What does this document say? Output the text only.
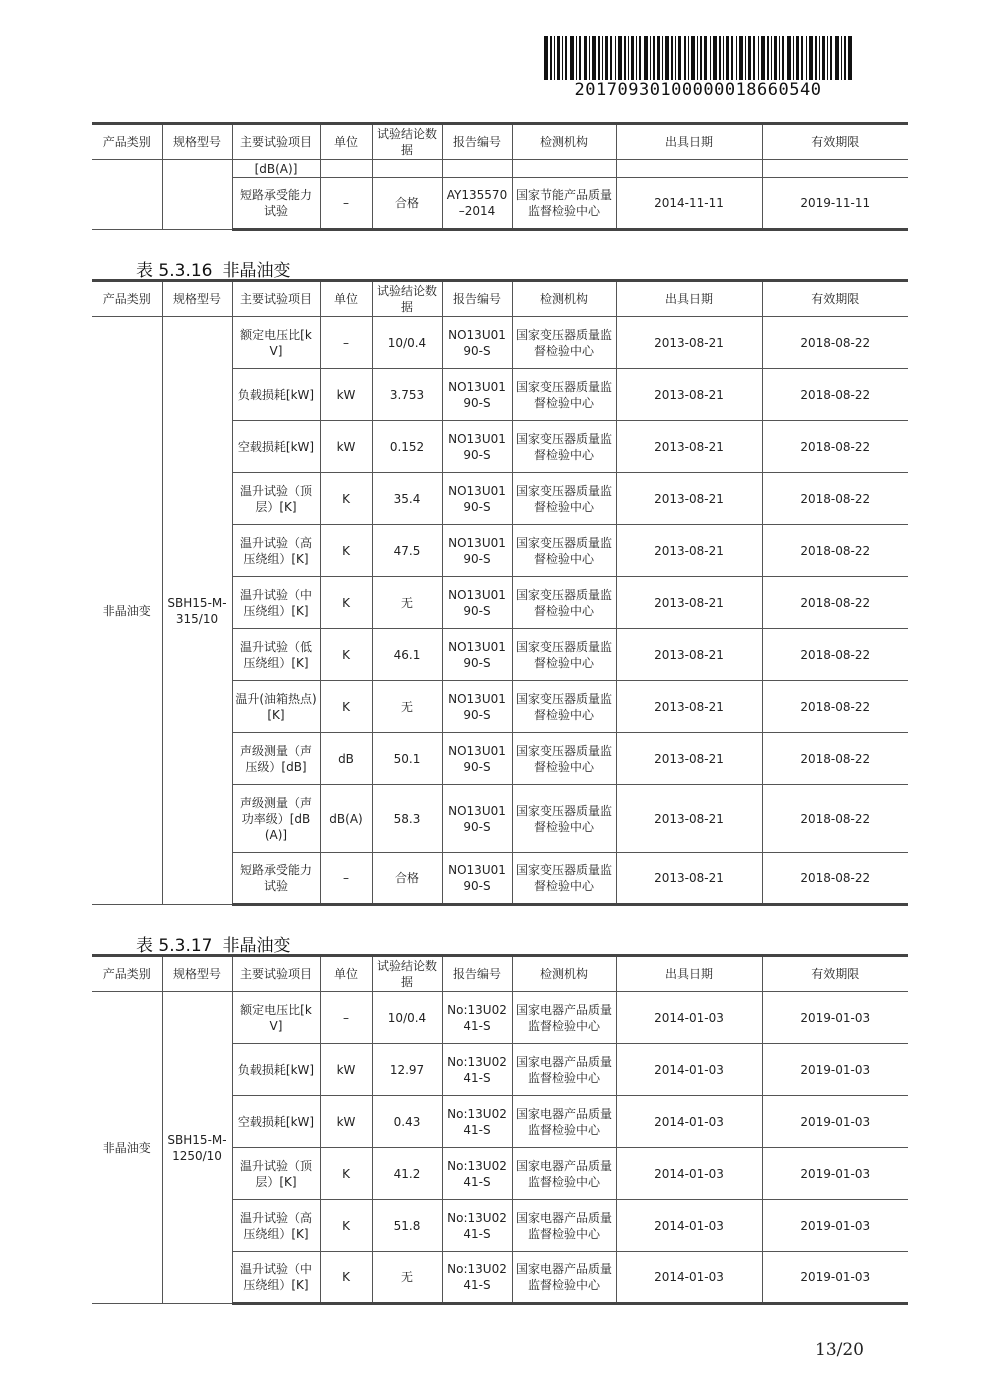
20170930100000018660540
产品类别	规格型号	主要试验项目	单位	试验结论数据	报告编号	检测机构	出具日期	有效期限
		[dB(A)]						
		短路承受能力试验	–	合格	AY135570–2014	国家节能产品质量监督检验中心	2014-11-11	2019-11-11
表 5.3.16 非晶油变
产品类别	规格型号	主要试验项目	单位	试验结论数据	报告编号	检测机构	出具日期	有效期限
非晶油变	SBH15-M-315/10	额定电压比[kV]	–	10/0.4	NO13U0190-S	国家变压器质量监督检验中心	2013-08-21	2018-08-22
		负载损耗[kW]	kW	3.753	NO13U0190-S	国家变压器质量监督检验中心	2013-08-21	2018-08-22
		空载损耗[kW]	kW	0.152	NO13U0190-S	国家变压器质量监督检验中心	2013-08-21	2018-08-22
		温升试验（顶层）[K]	K	35.4	NO13U0190-S	国家变压器质量监督检验中心	2013-08-21	2018-08-22
		温升试验（高压绕组）[K]	K	47.5	NO13U0190-S	国家变压器质量监督检验中心	2013-08-21	2018-08-22
		温升试验（中压绕组）[K]	K	无	NO13U0190-S	国家变压器质量监督检验中心	2013-08-21	2018-08-22
		温升试验（低压绕组）[K]	K	46.1	NO13U0190-S	国家变压器质量监督检验中心	2013-08-21	2018-08-22
		温升(油箱热点)[K]	K	无	NO13U0190-S	国家变压器质量监督检验中心	2013-08-21	2018-08-22
		声级测量（声压级）[dB]	dB	50.1	NO13U0190-S	国家变压器质量监督检验中心	2013-08-21	2018-08-22
		声级测量（声功率级）[dB(A)]	dB(A)	58.3	NO13U0190-S	国家变压器质量监督检验中心	2013-08-21	2018-08-22
		短路承受能力试验	–	合格	NO13U0190-S	国家变压器质量监督检验中心	2013-08-21	2018-08-22
表 5.3.17 非晶油变
产品类别	规格型号	主要试验项目	单位	试验结论数据	报告编号	检测机构	出具日期	有效期限
非晶油变	SBH15-M-1250/10	额定电压比[kV]	–	10/0.4	No:13U0241-S	国家电器产品质量监督检验中心	2014-01-03	2019-01-03
		负载损耗[kW]	kW	12.97	No:13U0241-S	国家电器产品质量监督检验中心	2014-01-03	2019-01-03
		空载损耗[kW]	kW	0.43	No:13U0241-S	国家电器产品质量监督检验中心	2014-01-03	2019-01-03
		温升试验（顶层）[K]	K	41.2	No:13U0241-S	国家电器产品质量监督检验中心	2014-01-03	2019-01-03
		温升试验（高压绕组）[K]	K	51.8	No:13U0241-S	国家电器产品质量监督检验中心	2014-01-03	2019-01-03
		温升试验（中压绕组）[K]	K	无	No:13U0241-S	国家电器产品质量监督检验中心	2014-01-03	2019-01-03
13/20
